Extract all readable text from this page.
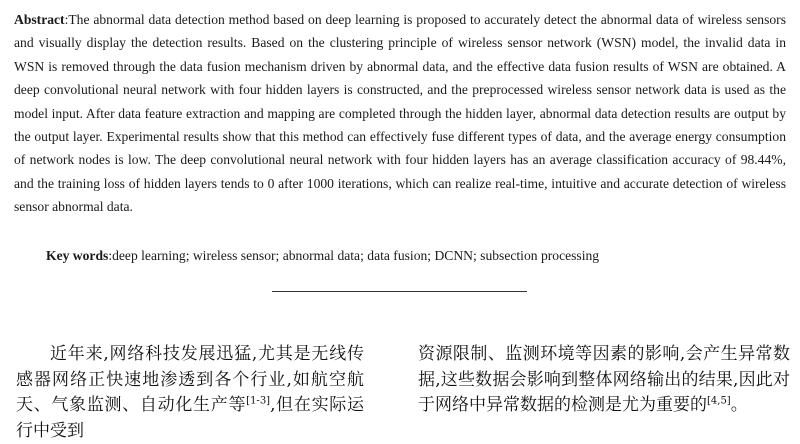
Abstract:The abnormal data detection method based on deep learning is proposed to accurately detect the abnormal data of wireless sensors and visually display the detection results. Based on the clustering principle of wireless sensor network (WSN) model, the invalid data in WSN is removed through the data fusion mechanism driven by abnormal data, and the effective data fusion results of WSN are obtained. A deep convolutional neural network with four hidden layers is constructed, and the preprocessed wireless sensor network data is used as the model input. After data feature extraction and mapping are completed through the hidden layer, abnormal data detection results are output by the output layer. Experimental results show that this method can effectively fuse different types of data, and the average energy consumption of network nodes is low. The deep convolutional neural network with four hidden layers has an average classification accuracy of 98.44%, and the training loss of hidden layers tends to 0 after 1000 iterations, which can realize real-time, intuitive and accurate detection of wireless sensor abnormal data.

Key words:deep learning; wireless sensor; abnormal data; data fusion; DCNN; subsection processing

近年来,网络科技发展迅猛,尤其是无线传感器网络正快速地渗透到各个行业,如航空航天、气象监测、自动化生产等[1-3],但在实际运行中受到

资源限制、监测环境等因素的影响,会产生异常数据,这些数据会影响到整体网络输出的结果,因此对于网络中异常数据的检测是尤为重要的[4,5]。
